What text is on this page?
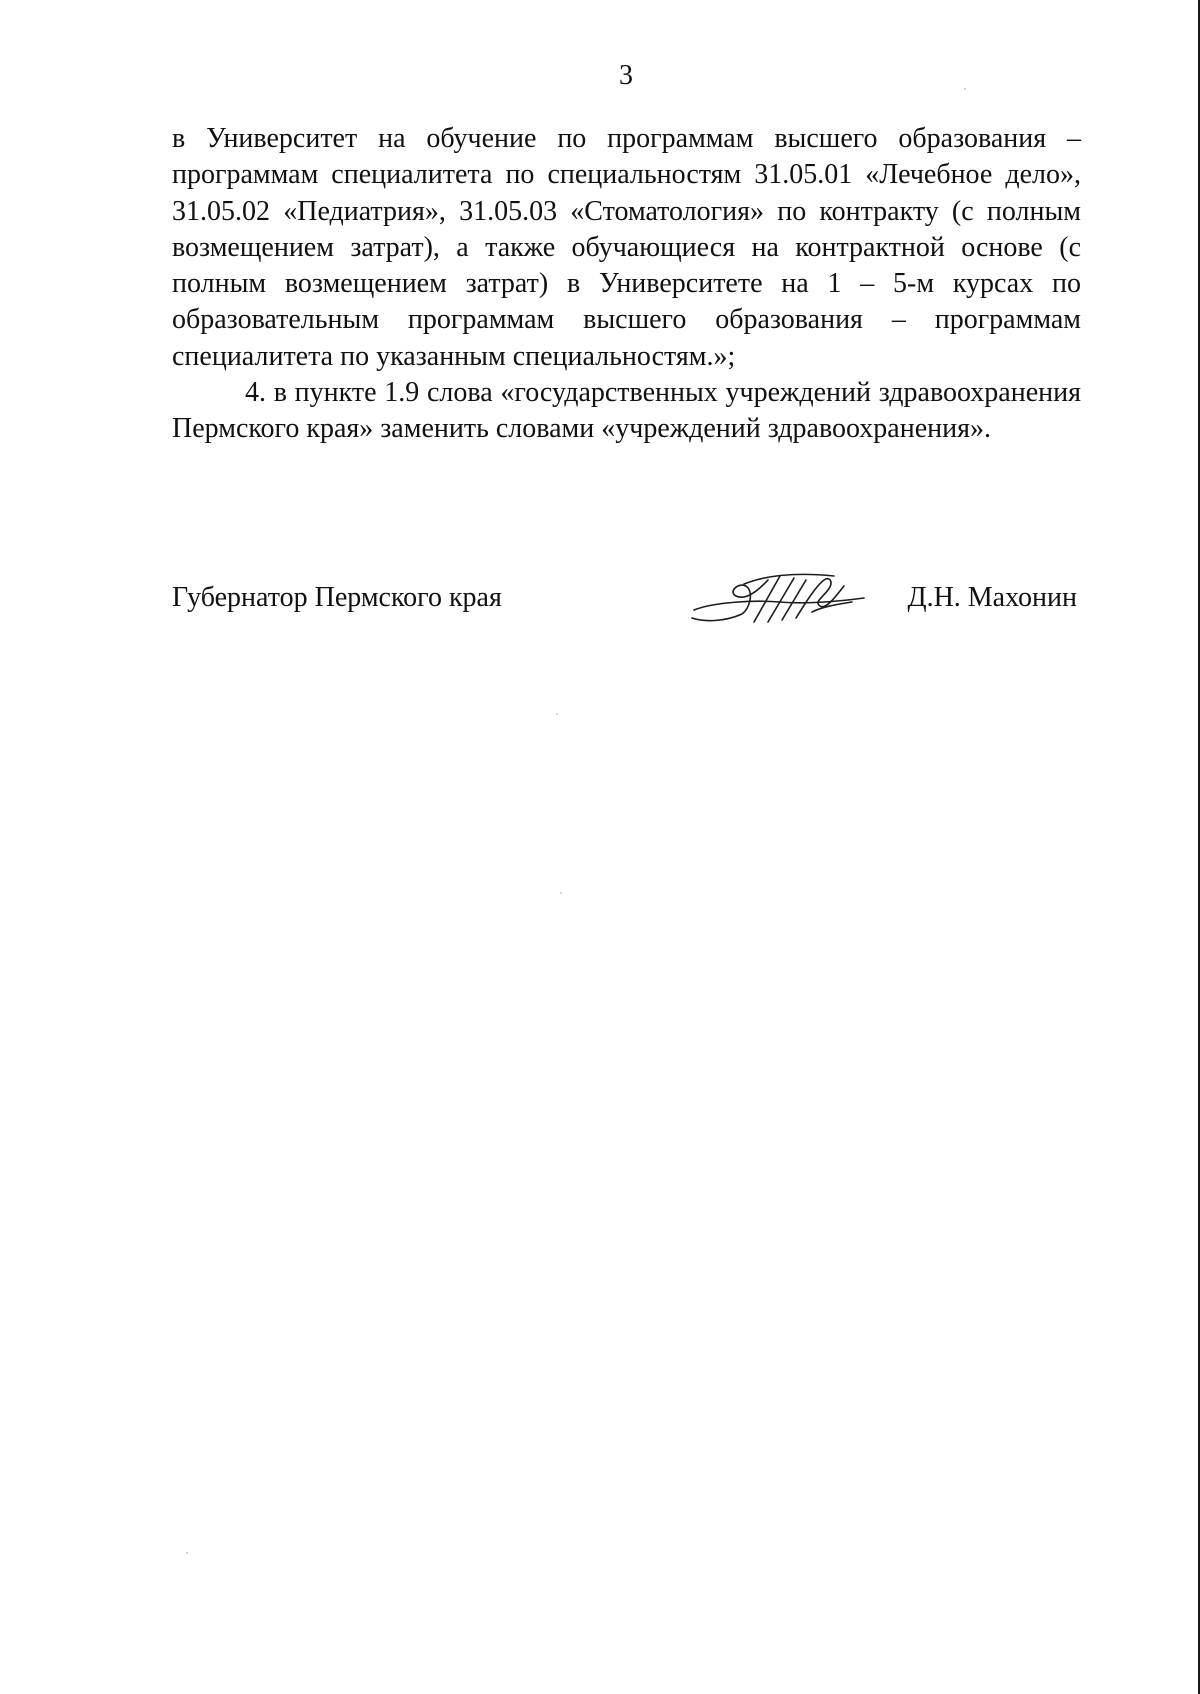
3

в Университет на обучение по программам высшего образования – программам специалитета по специальностям 31.05.01 «Лечебное дело», 31.05.02 «Педиатрия», 31.05.03 «Стоматология» по контракту (с полным возмещением затрат), а также обучающиеся на контрактной основе (с полным возмещением затрат) в Университете на 1 – 5-м курсах по образовательным программам высшего образования – программам специалитета по указанным специальностям.»;

4. в пункте 1.9 слова «государственных учреждений здравоохранения Пермского края» заменить словами «учреждений здравоохранения».

Губернатор Пермского края	Д.Н. Махонин
